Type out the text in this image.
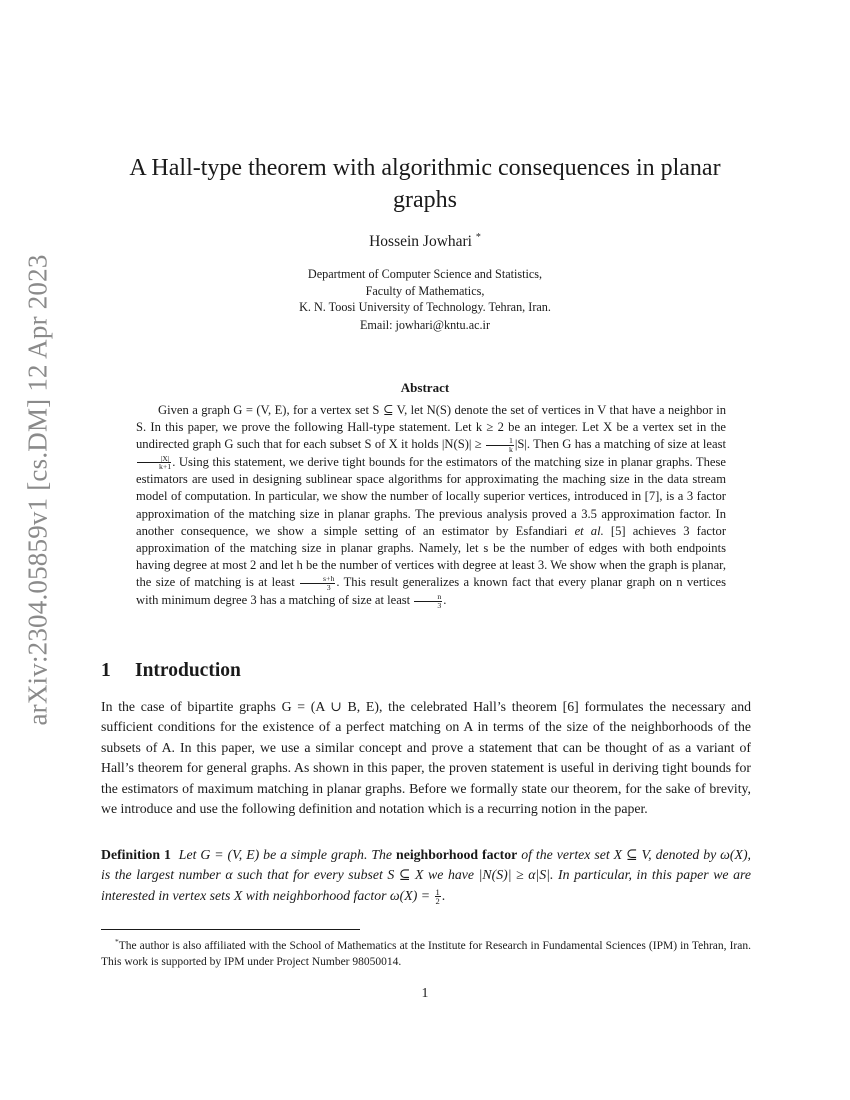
arXiv:2304.05859v1 [cs.DM] 12 Apr 2023
A Hall-type theorem with algorithmic consequences in planar graphs
Hossein Jowhari *
Department of Computer Science and Statistics,
Faculty of Mathematics,
K. N. Toosi University of Technology. Tehran, Iran.
Email: jowhari@kntu.ac.ir
Abstract

Given a graph G = (V, E), for a vertex set S ⊆ V, let N(S) denote the set of vertices in V that have a neighbor in S. In this paper, we prove the following Hall-type statement. Let k ≥ 2 be an integer. Let X be a vertex set in the undirected graph G such that for each subset S of X it holds $|N(S)| \ge \frac{1}{k} |S|$. Then G has a matching of size at least
$\frac{|X|}{k+1}$ . Using this statement, we derive tight bounds for the estimators of the matching size in planar graphs. These estimators are used in designing sublinear space algorithms for approximating the maching size in the data stream model of computation. In particular, we show the number of locally superior vertices, introduced in [7], is a 3 factor approximation of the matching size in planar graphs. The previous analysis proved a 3.5 approximation factor. In another consequence, we show a simple setting of an estimator by Esfandiari et al. [5] achieves 3 factor approximation of the matching size in planar graphs. Namely, let s be the number of edges with both endpoints having degree at most 2 and let h be the number of vertices with degree at least 3. We show when the graph is planar, the size of matching is at least $\frac{s+h}{3}$ . This result generalizes a known fact that every planar graph on n vertices with minimum degree 3 has a matching of size at least $\frac{n}{3}$ .

1 Introduction

In the case of bipartite graphs G = (A ∪ B, E), the celebrated Hall’s theorem [6] formulates the necessary and sufficient conditions for the existence of a perfect matching on A in terms of the size of the neighborhoods of the subsets of A. In this paper, we use a similar concept and prove a statement that can be thought of as a variant of Hall’s theorem for general graphs. As shown in this paper, the proven statement is useful in deriving tight bounds for the estimators of maximum matching in planar graphs. Before we formally state our theorem, for the sake of brevity, we introduce and use the following definition and notation which is a recurring notion in the paper.

Definition 1 Let G = (V, E) be a simple graph. The neighborhood factor of the vertex set X ⊆ V, denoted by ω(X), is the largest number α such that for every subset S ⊆ X we have |N(S)| ≥ α|S|. In particular, in this paper we are interested in vertex sets X with neighborhood factor $\omega(X) = \frac{1}{2}$ .

*The author is also affiliated with the School of Mathematics at the Institute for Research in Fundamental Sciences (IPM) in Tehran, Iran. This work is supported by IPM under Project Number 98050014.

1
